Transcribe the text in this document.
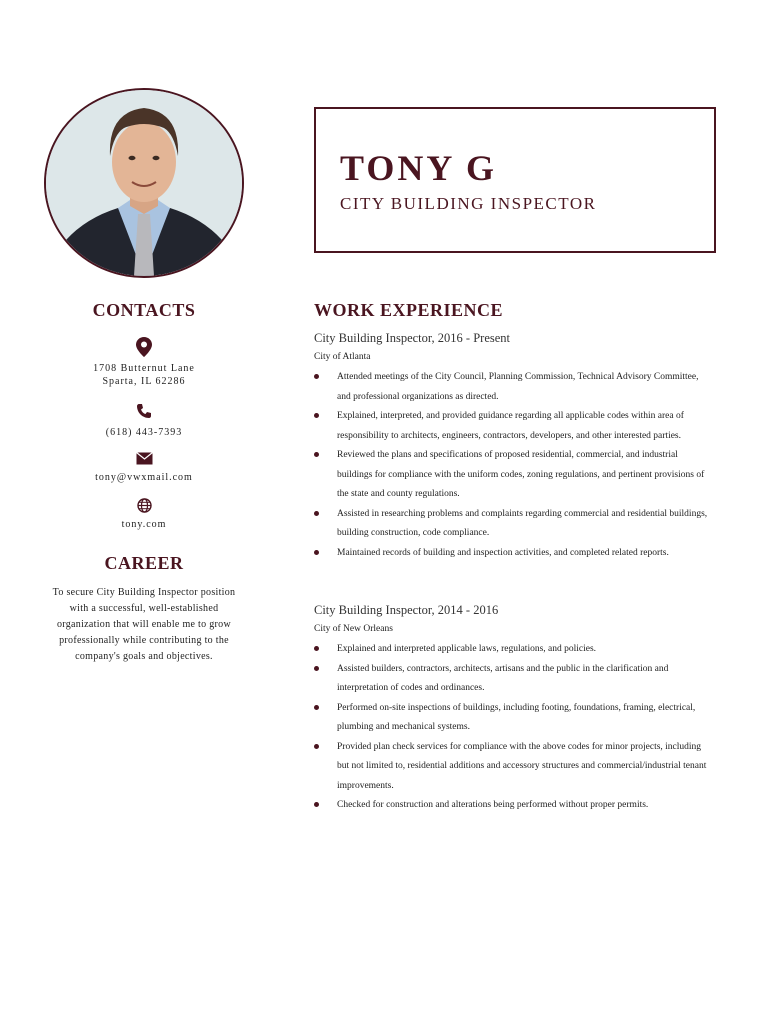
TONY G

CITY BUILDING INSPECTOR

CONTACTS
1708 Butternut Lane
Sparta, IL 62286
(618) 443-7393
tony@vwxmail.com
tony.com
CAREER

To secure City Building Inspector position with a successful, well-established organization that will enable me to grow professionally while contributing to the company's goals and objectives.

WORK EXPERIENCE

City Building Inspector, 2016 - Present

City of Atlanta

Attended meetings of the City Council, Planning Commission, Technical Advisory Committee, and professional organizations as directed.
Explained, interpreted, and provided guidance regarding all applicable codes within area of responsibility to architects, engineers, contractors, developers, and other interested parties.
Reviewed the plans and specifications of proposed residential, commercial, and industrial buildings for compliance with the uniform codes, zoning regulations, and pertinent provisions of the state and county regulations.
Assisted in researching problems and complaints regarding commercial and residential buildings, building construction, code compliance.
Maintained records of building and inspection activities, and completed related reports.

City Building Inspector, 2014 - 2016

City of New Orleans

Explained and interpreted applicable laws, regulations, and policies.
Assisted builders, contractors, architects, artisans and the public in the clarification and interpretation of codes and ordinances.
Performed on-site inspections of buildings, including footing, foundations, framing, electrical, plumbing and mechanical systems.
Provided plan check services for compliance with the above codes for minor projects, including but not limited to, residential additions and accessory structures and commercial/industrial tenant improvements.
Checked for construction and alterations being performed without proper permits.
